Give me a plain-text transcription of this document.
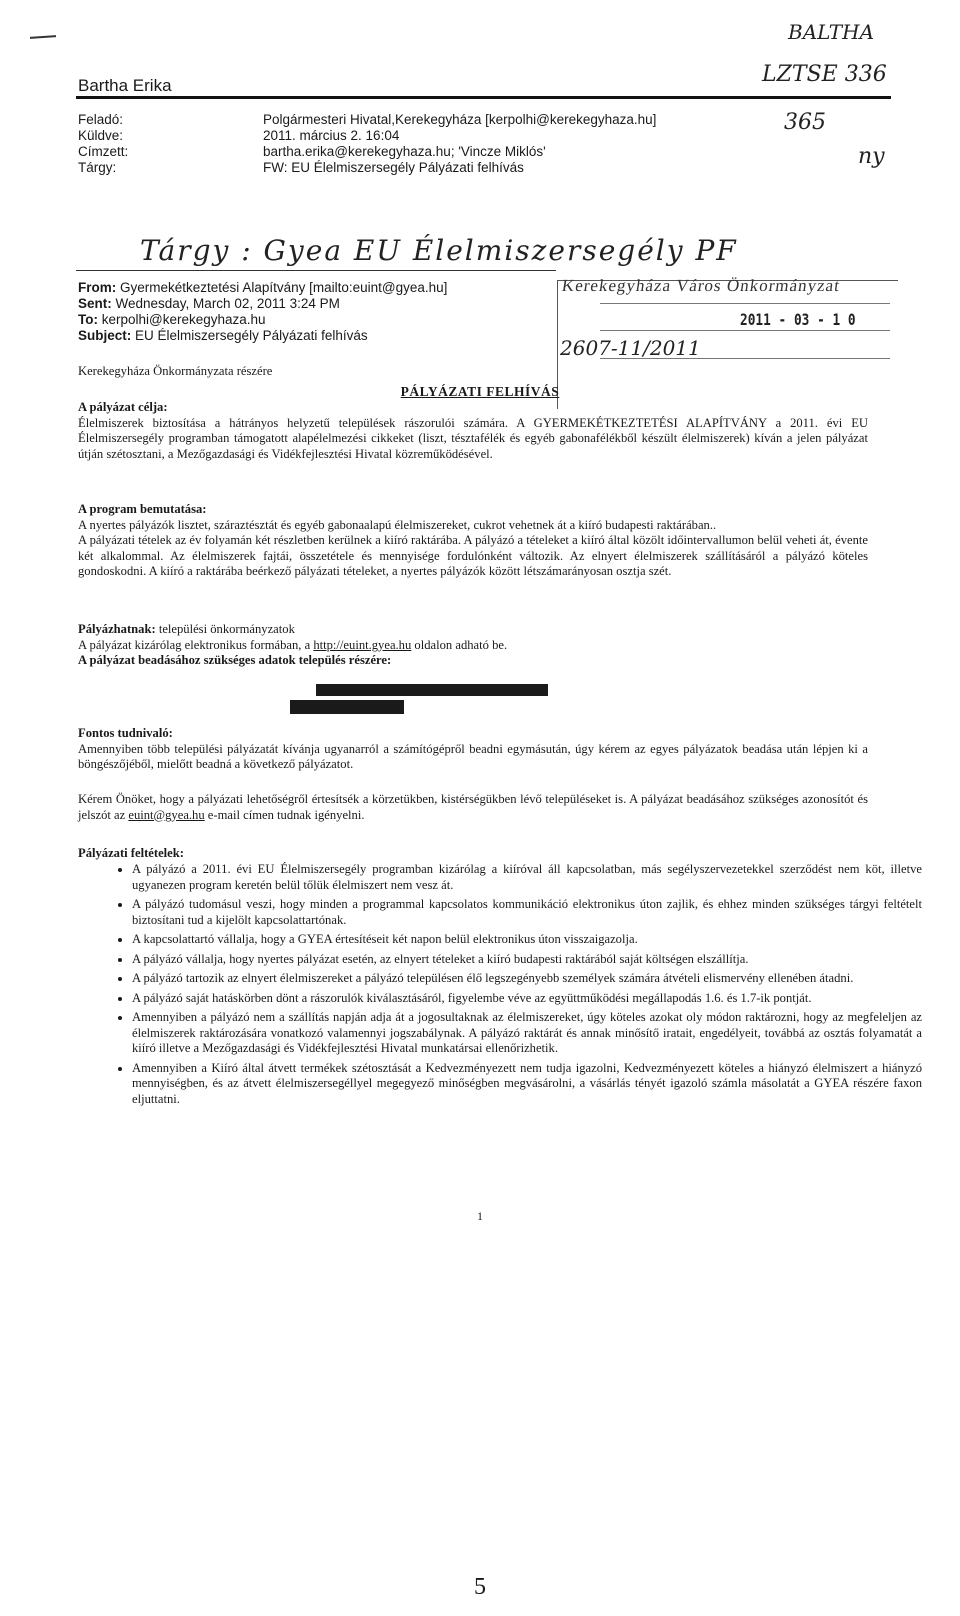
Bartha Erika
Feladó:	Polgármesteri Hivatal,Kerekegyháza [kerpolhi@kerekegyhaza.hu]
Küldve:	2011. március 2. 16:04
Címzett:	bartha.erika@kerekegyhaza.hu; 'Vincze Miklós'
Tárgy:	FW: EU Élelmiszersegély Pályázati felhívás
BALTHA
LZTSE 336
365
ny
Tárgy : Gyea EU Élelmiszersegély PF
Kerekegyháza Város Önkormányzat
2011 - 03 - 1 0
2607-11/2011
From: Gyermekétkeztetési Alapítvány [mailto:euint@gyea.hu]
Sent: Wednesday, March 02, 2011 3:24 PM
To: kerpolhi@kerekegyhaza.hu
Subject: EU Élelmiszersegély Pályázati felhívás
Kerekegyháza Önkormányzata részére
PÁLYÁZATI FELHÍVÁS
A pályázat célja:
Élelmiszerek biztosítása a hátrányos helyzetű települések rászorulói számára. A GYERMEKÉTKEZTETÉSI ALAPÍTVÁNY a 2011. évi EU Élelmiszersegély programban támogatott alapélelmezési cikkeket (liszt, tésztafélék és egyéb gabonafélékből készült élelmiszerek) kíván a jelen pályázat útján szétosztani, a Mezőgazdasági és Vidékfejlesztési Hivatal közreműködésével.
A program bemutatása:
A nyertes pályázók lisztet, száraztésztát és egyéb gabonaalapú élelmiszereket, cukrot vehetnek át a kiíró budapesti raktárában..
A pályázati tételek az év folyamán két részletben kerülnek a kiíró raktárába. A pályázó a tételeket a kiíró által közölt időintervallumon belül veheti át, évente két alkalommal. Az élelmiszerek fajtái, összetétele és mennyisége fordulónként változik. Az elnyert élelmiszerek szállításáról a pályázó köteles gondoskodni. A kiíró a raktárába beérkező pályázati tételeket, a nyertes pályázók között létszámarányosan osztja szét.
Pályázhatnak: települési önkormányzatok
A pályázat kizárólag elektronikus formában, a http://euint.gyea.hu oldalon adható be.
A pályázat beadásához szükséges adatok település részére:
Fontos tudnivaló:
Amennyiben több települési pályázatát kívánja ugyanarról a számítógépről beadni egymásután, úgy kérem az egyes pályázatok beadása után lépjen ki a böngészőjéből, mielőtt beadná a következő pályázatot.
Kérem Önöket, hogy a pályázati lehetőségről értesítsék a körzetükben, kistérségükben lévő településeket is. A pályázat beadásához szükséges azonosítót és jelszót az euint@gyea.hu e-mail címen tudnak igényelni.
Pályázati feltételek:
• A pályázó a 2011. évi EU Élelmiszersegély programban kizárólag a kiíróval áll kapcsolatban, más segélyszervezetekkel szerződést nem köt, illetve ugyanezen program keretén belül tőlük élelmiszert nem vesz át.
• A pályázó tudomásul veszi, hogy minden a programmal kapcsolatos kommunikáció elektronikus úton zajlik, és ehhez minden szükséges tárgyi feltételt biztosítani tud a kijelölt kapcsolattartónak.
• A kapcsolattartó vállalja, hogy a GYEA értesítéseit két napon belül elektronikus úton visszaigazolja.
• A pályázó vállalja, hogy nyertes pályázat esetén, az elnyert tételeket a kiíró budapesti raktárából saját költségen elszállítja.
• A pályázó tartozik az elnyert élelmiszereket a pályázó településen élő legszegényebb személyek számára átvételi elismervény ellenében átadni.
• A pályázó saját hatáskörben dönt a rászorulók kiválasztásáról, figyelembe véve az együttműködési megállapodás 1.6. és 1.7-ik pontját.
• Amennyiben a pályázó nem a szállítás napján adja át a jogosultaknak az élelmiszereket, úgy köteles azokat oly módon raktározni, hogy az megfeleljen az élelmiszerek raktározására vonatkozó valamennyi jogszabálynak. A pályázó raktárát és annak minősítő iratait, engedélyeit, továbbá az osztás folyamatát a kiíró illetve a Mezőgazdasági és Vidékfejlesztési Hivatal munkatársai ellenőrizhetik.
• Amennyiben a Kiíró által átvett termékek szétosztását a Kedvezményezett nem tudja igazolni, Kedvezményezett köteles a hiányzó élelmiszert a hiányzó mennyiségben, és az átvett élelmiszersegéllyel megegyező minőségben megvásárolni, a vásárlás tényét igazoló számla másolatát a GYEA részére faxon eljuttatni.
1
5
